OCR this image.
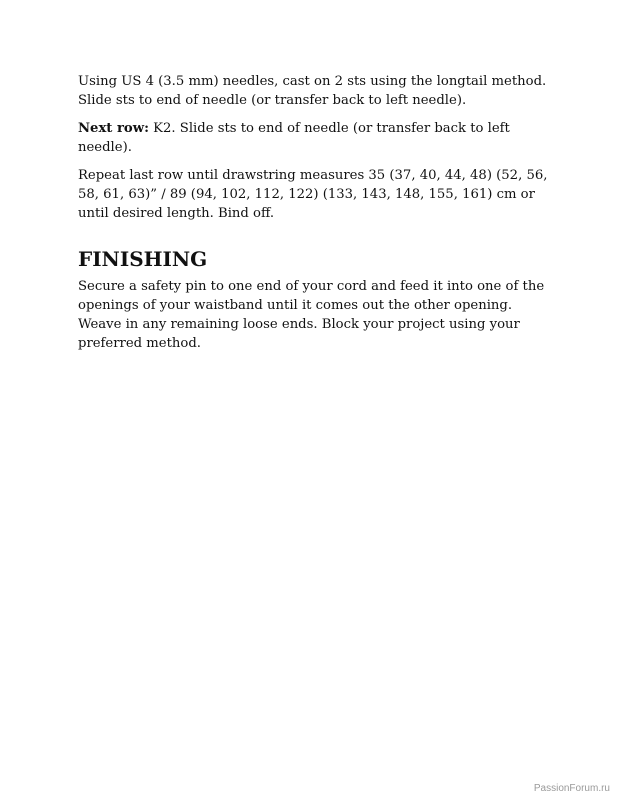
Using US 4 (3.5 mm) needles, cast on 2 sts using the longtail method. Slide sts to end of needle (or transfer back to left needle).

Next row: K2. Slide sts to end of needle (or transfer back to left needle).

Repeat last row until drawstring measures 35 (37, 40, 44, 48) (52, 56, 58, 61, 63)” / 89 (94, 102, 112, 122) (133, 143, 148, 155, 161) cm or until desired length. Bind off.

FINISHING

Secure a safety pin to one end of your cord and feed it into one of the openings of your waistband until it comes out the other opening. Weave in any remaining loose ends. Block your project using your preferred method.

PassionForum.ru
